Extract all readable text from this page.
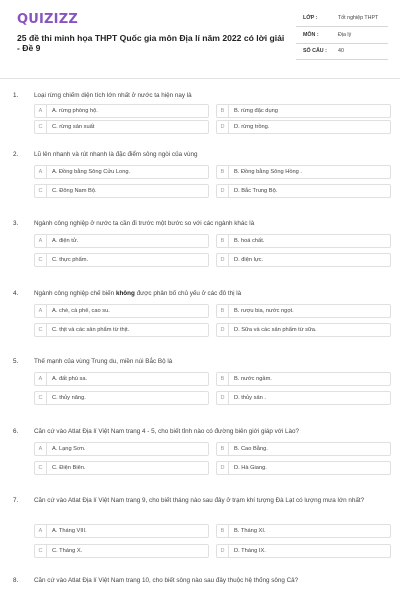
QUIZIZZ
25 đề thi minh họa THPT Quốc gia môn Địa lí năm 2022 có lời giải - Đề 9
LỚP :	Tốt nghiệp THPT
MÔN :	Địa lý
SỐ CÂU : 40
1. Loại rừng chiếm diện tích lớn nhất ở nước ta hiện nay là
A	A. rừng phòng hộ.	B	B. rừng đặc dụng
C	C. rừng sản xuất	D	D. rừng trồng.
2. Lũ lên nhanh và rút nhanh là đặc điểm sông ngòi của vùng
A	A. Đồng bằng Sông Cửu Long.	B	B. Đồng bằng Sông Hồng .
C	C. Đông Nam Bộ.	D	D. Bắc Trung Bộ.
3. Ngành công nghiệp ở nước ta cần đi trước một bước so với các ngành khác là
A	A. điện tử.	B	B. hoá chất.
C	C. thực phẩm.	D	D. điện lực.
4. Ngành công nghiệp chế biến không được phân bố chủ yếu ở các đô thị là
A	A. chè, cà phê, cao su.	B	B. rượu bia, nước ngọt.
C	C. thịt và các sản phẩm từ thịt.	D	D. Sữa và các sản phẩm từ sữa.
5. Thế mạnh của vùng Trung du, miền núi Bắc Bộ là
A	A. đất phù sa.	B	B. nước ngầm.
C	C. thủy năng.	D	D. thủy sản .
6. Căn cứ vào Atlat Địa lí Việt Nam trang 4 - 5, cho biết tỉnh nào có đường biên giới giáp với Lào?
A	A. Lạng Sơn.	B	B. Cao Bằng.
C	C. Điện Biên.	D	D. Hà Giang.
7. Căn cứ vào Atlat Địa lí Việt Nam trang 9, cho biết tháng nào sau đây ở trạm khí tượng Đà Lạt có lượng mưa lớn nhất?
A	A. Tháng VIII.	B	B. Tháng XI.
C	C. Tháng X.	D	D. Tháng IX.
8. Căn cứ vào Atlat Địa lí Việt Nam trang 10, cho biết sông nào sau đây thuộc hệ thống sông Cả?
